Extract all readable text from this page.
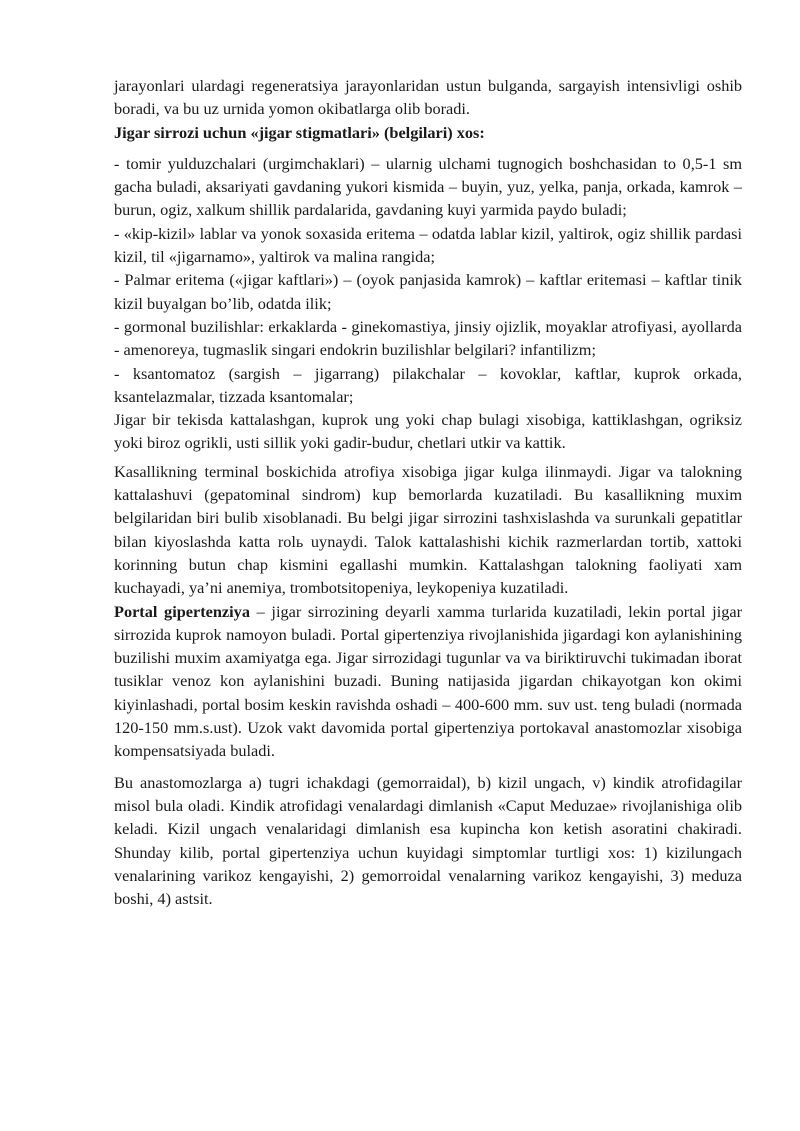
jarayonlari ulardagi regeneratsiya jarayonlaridan ustun bulganda, sargayish intensivligi oshib boradi, va bu uz urnida yomon okibatlarga olib boradi.

Jigar sirrozi uchun «jigar stigmatlari» (belgilari) xos:

- tomir yulduzchalari (urgimchaklari) – ularnig ulchami tugnogich boshchasidan to 0,5-1 sm gacha buladi, aksariyati gavdaning yukori kismida – buyin, yuz, yelka, panja, orkada, kamrok – burun, ogiz, xalkum shillik pardalarida, gavdaning kuyi yarmida paydo buladi;

- «kip-kizil» lablar va yonok soxasida eritema – odatda lablar kizil, yaltirok, ogiz shillik pardasi kizil, til «jigarnamo», yaltirok va malina rangida;

- Palmar eritema («jigar kaftlari») – (oyok panjasida kamrok) – kaftlar eritemasi – kaftlar tinik kizil buyalgan bo’lib, odatda ilik;

- gormonal buzilishlar: erkaklarda - ginekomastiya, jinsiy ojizlik, moyaklar atrofiyasi, ayollarda - amenoreya, tugmaslik singari endokrin buzilishlar belgilari? infantilizm;

- ksantomatoz (sargish – jigarrang) pilakchalar – kovoklar, kaftlar, kuprok orkada, ksantelazmalar, tizzada ksantomalar;

Jigar bir tekisda kattalashgan, kuprok ung yoki chap bulagi xisobiga, kattiklashgan, ogriksiz yoki biroz ogrikli, usti sillik yoki gadir-budur, chetlari utkir va kattik.

Kasallikning terminal boskichida atrofiya xisobiga jigar kulga ilinmaydi. Jigar va talokning kattalashuvi (gepatominal sindrom) kup bemorlarda kuzatiladi. Bu kasallikning muxim belgilaridan biri bulib xisoblanadi. Bu belgi jigar sirrozini tashxislashda va surunkali gepatitlar bilan kiyoslashda katta rolь uynaydi. Talok kattalashishi kichik razmerlardan tortib, xattoki korinning butun chap kismini egallashi mumkin. Kattalashgan talokning faoliyati xam kuchayadi, ya’ni anemiya, trombotsitopeniya, leykopeniya kuzatiladi.

Portal gipertenziya – jigar sirrozining deyarli xamma turlarida kuzatiladi, lekin portal jigar sirrozida kuprok namoyon buladi. Portal gipertenziya rivojlanishida jigardagi kon aylanishining buzilishi muxim axamiyatga ega. Jigar sirrozidagi tugunlar va va biriktiruvchi tukimadan iborat tusiklar venoz kon aylanishini buzadi. Buning natijasida jigardan chikayotgan kon okimi kiyinlashadi, portal bosim keskin ravishda oshadi – 400-600 mm. suv ust. teng buladi (normada 120-150 mm.s.ust). Uzok vakt davomida portal gipertenziya portokaval anastomozlar xisobiga kompensatsiyada buladi.

Bu anastomozlarga a) tugri ichakdagi (gemorraidal), b) kizil ungach, v) kindik atrofidagilar misol bula oladi. Kindik atrofidagi venalardagi dimlanish «Caput Meduzae» rivojlanishiga olib keladi. Kizil ungach venalaridagi dimlanish esa kupincha kon ketish asoratini chakiradi. Shunday kilib, portal gipertenziya uchun kuyidagi simptomlar turtligi xos: 1) kizilungach venalarining varikoz kengayishi, 2) gemorroidal venalarning varikoz kengayishi, 3) meduza boshi, 4) astsit.
